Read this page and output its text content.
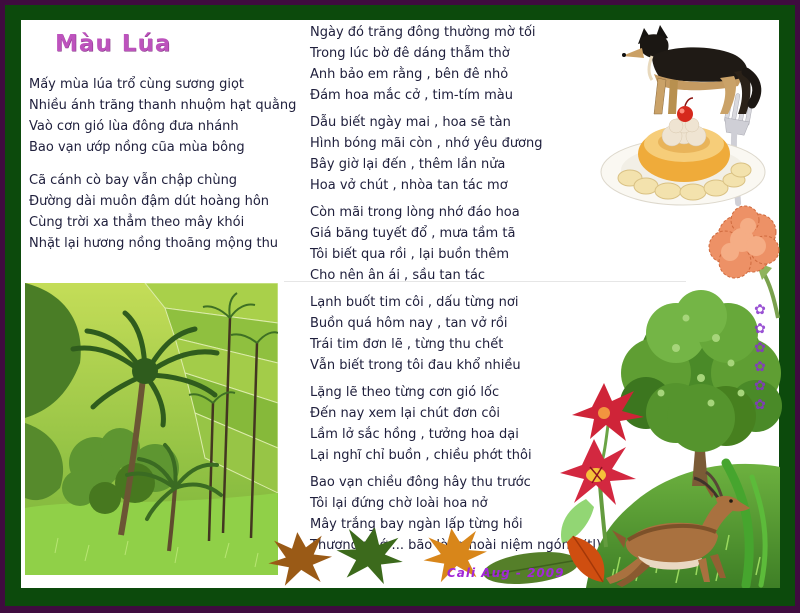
Màu Lúa
Mấy mùa lúa trổ cùng sương giọt
Nhiều ánh trăng thanh nhuộm hạt quằng
Vaò cơn gió lùa đông đưa nhánh
Bao vạn ướp nồng cũa mùa bông
Cã cánh cò bay vẫn chập chùng
Đường dài muôn đậm dút hoàng hôn
Cùng trời xa thẳm theo mây khói
Nhặt lại hương nồng thoãng mộng thu
Ngày đó trăng đông thường mờ tối
Trong lúc bờ đê dáng thẫm thờ
Anh bảo em rằng , bên đê nhỏ
Đám hoa mắc cở , tim-tím màu
Dẫu biết ngày mai , hoa sẽ tàn
Hình bóng mãi còn , nhớ yêu đương
Bây giờ lại đến , thêm lần nửa
Hoa vở chút , nhòa tan tác mơ
Còn mãi trong lòng nhớ đáo hoa
Giá băng tuyết đổ , mưa tầm tã
Tôi biết qua rồi , lại buồn thêm
Cho nên ân ái , sầu tan tác
Lạnh buốt tim côi , dấu từng nơi
Buồn quá hôm nay , tan vở rồi
Trái tim đơn lẽ , từng thu chết
Vẫn biết trong tôi đau khổ nhiều
Lặng lẽ theo từng cơn gió lốc
Đến nay xem lại chút đơn côi
Lầm lở sắc hồng , tưởng hoa dại
Lại nghĩ chỉ buồn , chiều phớt thôi
Bao vạn chiều đông hây thu trước
Tôi lại đứng chờ loài hoa nở
Mây trắng bay ngàn lấp từng hồi
Thương ... bão hoài niệm ngóng
✿✿✿✿✿✿
Cali Aug - 2009
